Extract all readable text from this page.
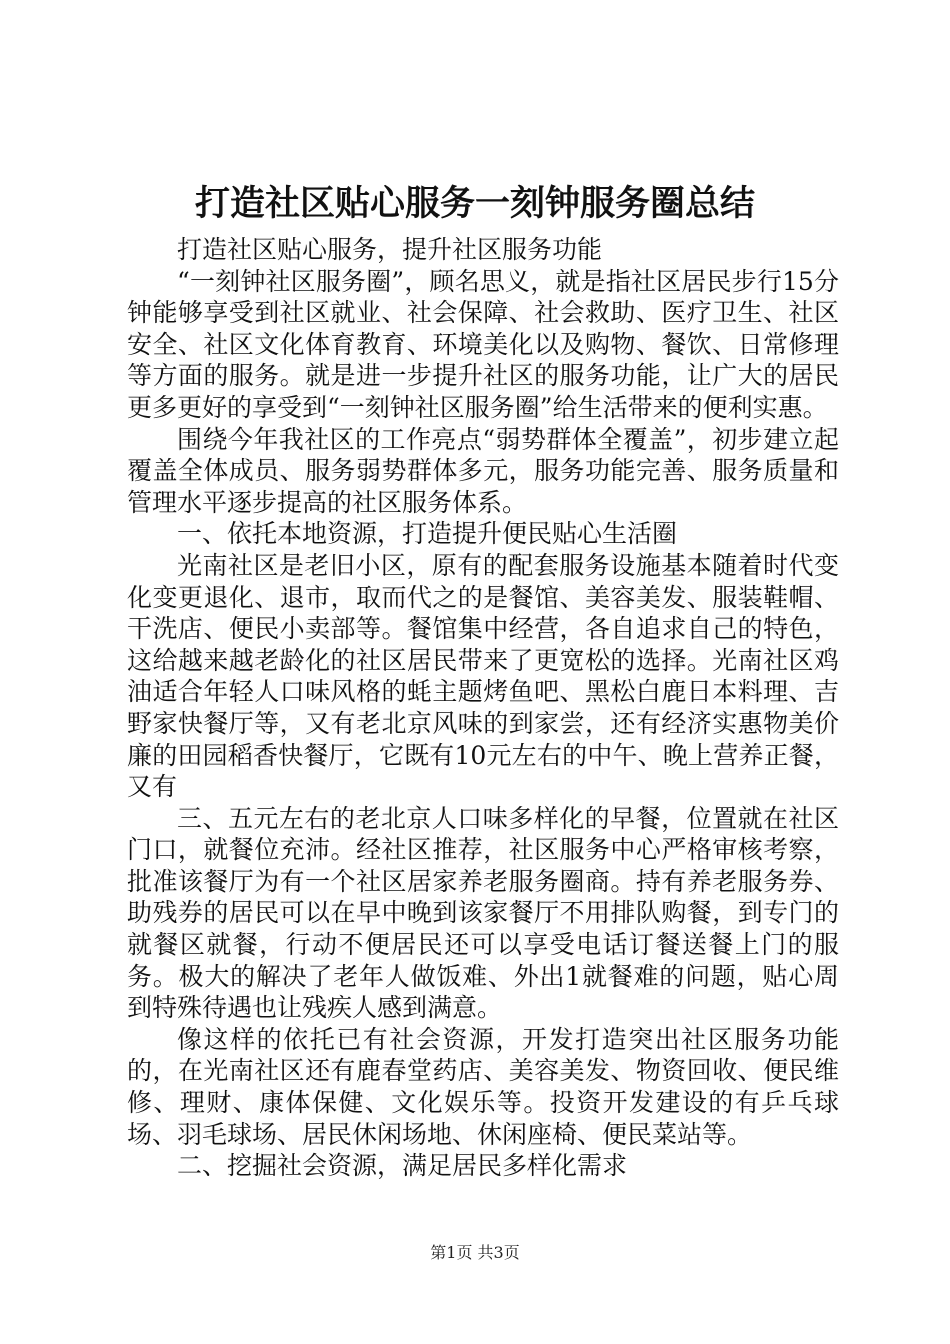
打造社区贴心服务一刻钟服务圈总结

打造社区贴心服务，提升社区服务功能

“一刻钟社区服务圈”，顾名思义，就是指社区居民步行15分钟能够享受到社区就业、社会保障、社会救助、医疗卫生、社区安全、社区文化体育教育、环境美化以及购物、餐饮、日常修理等方面的服务。就是进一步提升社区的服务功能，让广大的居民更多更好的享受到“一刻钟社区服务圈”给生活带来的便利实惠。

围绕今年我社区的工作亮点“弱势群体全覆盖”，初步建立起覆盖全体成员、服务弱势群体多元，服务功能完善、服务质量和管理水平逐步提高的社区服务体系。

一、依托本地资源，打造提升便民贴心生活圈

光南社区是老旧小区，原有的配套服务设施基本随着时代变化变更退化、退市，取而代之的是餐馆、美容美发、服装鞋帽、干洗店、便民小卖部等。餐馆集中经营，各自追求自己的特色，这给越来越老龄化的社区居民带来了更宽松的选择。光南社区鸡油适合年轻人口味风格的蚝主题烤鱼吧、黑松白鹿日本料理、吉野家快餐厅等，又有老北京风味的到家尝，还有经济实惠物美价廉的田园稻香快餐厅，它既有10元左右的中午、晚上营养正餐，又有

三、五元左右的老北京人口味多样化的早餐，位置就在社区门口，就餐位充沛。经社区推荐，社区服务中心严格审核考察，批准该餐厅为有一个社区居家养老服务圈商。持有养老服务券、助残券的居民可以在早中晚到该家餐厅不用排队购餐，到专门的就餐区就餐，行动不便居民还可以享受电话订餐送餐上门的服务。极大的解决了老年人做饭难、外出1就餐难的问题，贴心周到特殊待遇也让残疾人感到满意。

像这样的依托已有社会资源，开发打造突出社区服务功能的，在光南社区还有鹿春堂药店、美容美发、物资回收、便民维修、理财、康体保健、文化娱乐等。投资开发建设的有乒乓球场、羽毛球场、居民休闲场地、休闲座椅、便民菜站等。

二、挖掘社会资源，满足居民多样化需求

第1页 共3页
